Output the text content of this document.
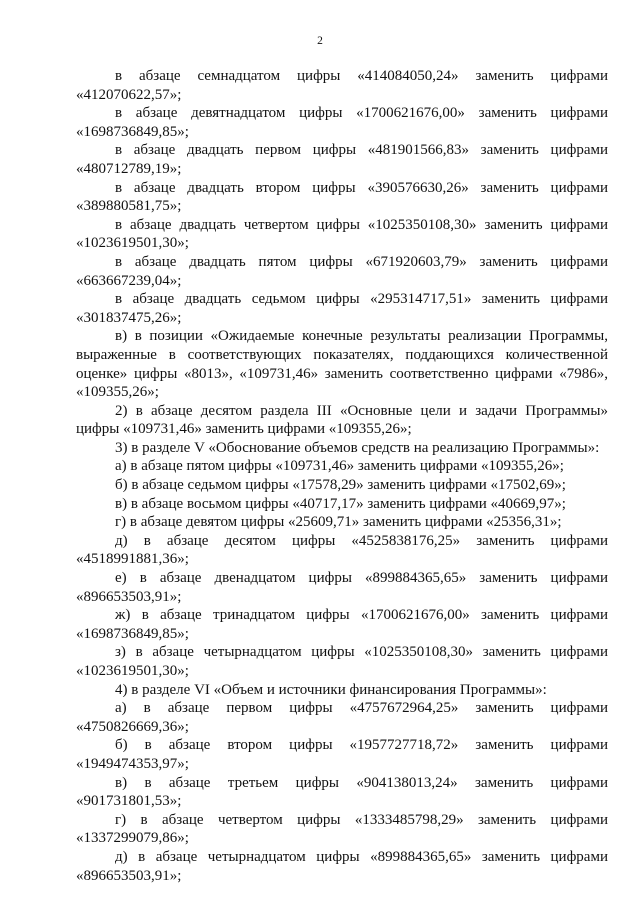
2

в абзаце семнадцатом цифры «414084050,24» заменить цифрами «412070622,57»;

в абзаце девятнадцатом цифры «1700621676,00» заменить цифрами «1698736849,85»;

в абзаце двадцать первом цифры «481901566,83» заменить цифрами «480712789,19»;

в абзаце двадцать втором цифры «390576630,26» заменить цифрами «389880581,75»;

в абзаце двадцать четвертом цифры «1025350108,30» заменить цифрами «1023619501,30»;

в абзаце двадцать пятом цифры «671920603,79» заменить цифрами «663667239,04»;

в абзаце двадцать седьмом цифры «295314717,51» заменить цифрами «301837475,26»;

в) в позиции «Ожидаемые конечные результаты реализации Программы, выраженные в соответствующих показателях, поддающихся количественной оценке» цифры «8013», «109731,46» заменить соответственно цифрами «7986», «109355,26»;

2) в абзаце десятом раздела III «Основные цели и задачи Программы» цифры «109731,46» заменить цифрами «109355,26»;

3) в разделе V «Обоснование объемов средств на реализацию Программы»:

а) в абзаце пятом цифры «109731,46» заменить цифрами «109355,26»;

б) в абзаце седьмом цифры «17578,29» заменить цифрами «17502,69»;

в) в абзаце восьмом цифры «40717,17» заменить цифрами «40669,97»;

г) в абзаце девятом цифры «25609,71» заменить цифрами «25356,31»;

д) в абзаце десятом цифры «4525838176,25» заменить цифрами «4518991881,36»;

е) в абзаце двенадцатом цифры «899884365,65» заменить цифрами «896653503,91»;

ж) в абзаце тринадцатом цифры «1700621676,00» заменить цифрами «1698736849,85»;

з) в абзаце четырнадцатом цифры «1025350108,30» заменить цифрами «1023619501,30»;

4) в разделе VI «Объем и источники финансирования Программы»:

а) в абзаце первом цифры «4757672964,25» заменить цифрами «4750826669,36»;

б) в абзаце втором цифры «1957727718,72» заменить цифрами «1949474353,97»;

в) в абзаце третьем цифры «904138013,24» заменить цифрами «901731801,53»;

г) в абзаце четвертом цифры «1333485798,29» заменить цифрами «1337299079,86»;

д) в абзаце четырнадцатом цифры «899884365,65» заменить цифрами «896653503,91»;
